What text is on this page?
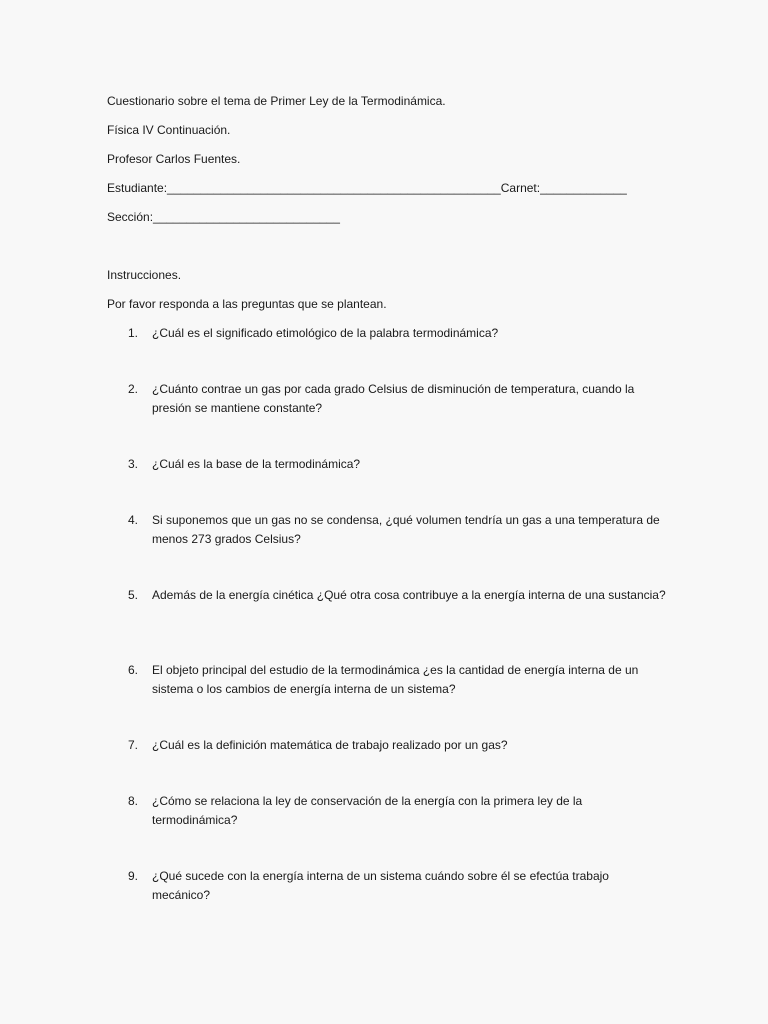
Cuestionario sobre el tema de Primer Ley de la Termodinámica.
Física IV Continuación.
Profesor Carlos Fuentes.
Estudiante:__________________________________________________Carnet:_____________
Sección:____________________________
Instrucciones.
Por favor responda a las preguntas que se plantean.
1.	¿Cuál es el significado etimológico de la palabra termodinámica?
2.	¿Cuánto contrae un gas por cada grado Celsius de disminución de temperatura, cuando la presión se mantiene constante?
3.	¿Cuál es la base de la termodinámica?
4.	Si suponemos que un gas no se condensa, ¿qué volumen tendría un gas a una temperatura de menos 273 grados Celsius?
5.	Además de la energía cinética ¿Qué otra cosa contribuye a la energía interna de una sustancia?
6.	El objeto principal del estudio de la termodinámica ¿es la cantidad de energía interna de un sistema o los cambios de energía interna de un sistema?
7.	¿Cuál es la definición matemática de trabajo realizado por un gas?
8.	¿Cómo se relaciona la ley de conservación de la energía con la primera ley de la termodinámica?
9.	¿Qué sucede con la energía interna de un sistema cuándo sobre él se efectúa trabajo mecánico?
